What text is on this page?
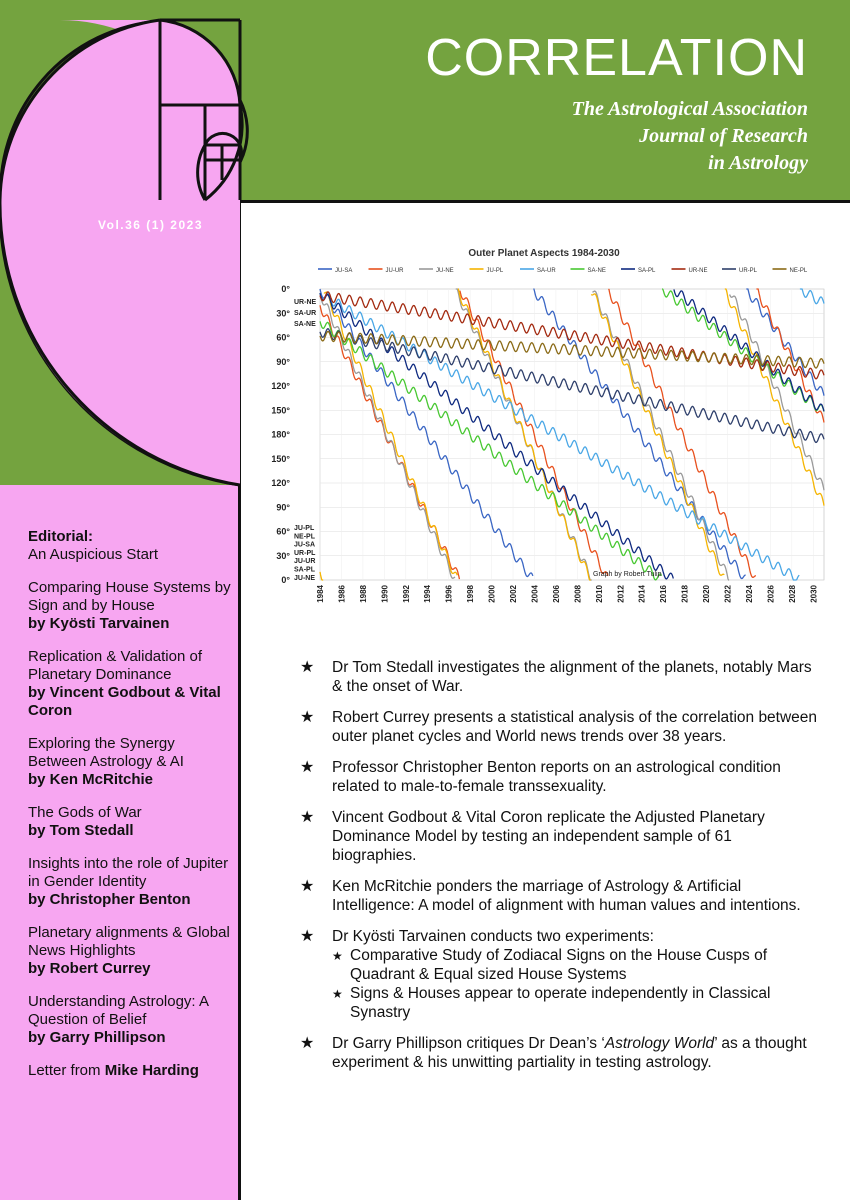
CORRELATION
The Astrological Association
Journal of Research
in Astrology
Vol.36 (1) 2023
Editorial:
An Auspicious Start
Comparing House Systems by Sign and by House
by Kyösti Tarvainen
Replication & Validation of Planetary Dominance
by Vincent Godbout & Vital Coron
Exploring the Synergy Between Astrology & AI
by Ken McRitchie
The Gods of War
by Tom Stedall
Insights into the role of Jupiter in Gender Identity
by Christopher Benton
Planetary alignments & Global News Highlights
by Robert Currey
Understanding Astrology: A Question of Belief
by Garry Phillipson
Letter from Mike Harding
Outer Planet Aspects 1984-2030
JU-SA	JU-UR	JU-NE	JU-PL	SA-UR	SA-NE	SA-PL	UR-NE	UR-PL	NE-PL
0°
30°
60°
90°
120°
150°
180°
150°
120°
90°
60°
30°
0°
1984 1986 1988 1990 1992 1994 1996 1998 2000 2002 2004 2006 2008 2010 2012 2014 2016 2018 2020 2022 2024 2026 2028 2030
UR-NE
SA-UR
SA-NE
JU-PL
NE-PL
JU-SA
UR-PL
JU-UR
SA-PL
JU-NE
Graph by Robert Tulip
★ Dr Tom Stedall investigates the alignment of the planets, notably Mars & the onset of War.
★ Robert Currey presents a statistical analysis of the correlation between outer planet cycles and World news trends over 38 years.
★ Professor Christopher Benton reports on an astrological condition related to male-to-female transsexuality.
★ Vincent Godbout & Vital Coron replicate the Adjusted Planetary Dominance Model by testing an independent sample of 61 biographies.
★ Ken McRitchie ponders the marriage of Astrology & Artificial Intelligence: A model of alignment with human values and intentions.
★ Dr Kyösti Tarvainen conducts two experiments:
★ Comparative Study of Zodiacal Signs on the House Cusps of Quadrant & Equal sized House Systems
★ Signs & Houses appear to operate independently in Classical Synastry
★ Dr Garry Phillipson critiques Dr Dean’s ‘Astrology World’ as a thought experiment & his unwitting partiality in testing astrology.
